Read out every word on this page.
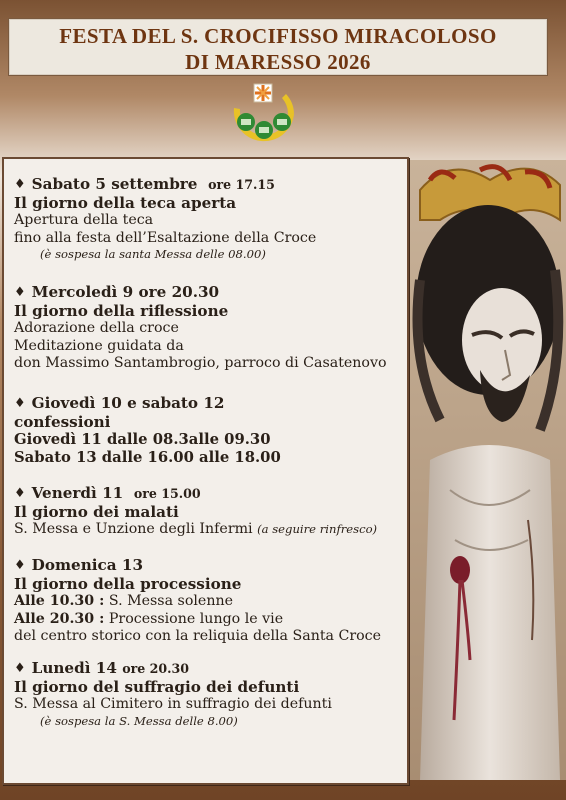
FESTA DEL S. CROCIFISSO MIRACOLOSO
DI MARESSO 2026
♦ Sabato 5 settembre ore 17.15
Il giorno della teca aperta
Apertura della teca
fino alla festa dell’Esaltazione della Croce
(è sospesa la santa Messa delle 08.00)
♦ Mercoledì 9 ore 20.30
Il giorno della riflessione
Adorazione della croce
Meditazione guidata da
don Massimo Santambrogio, parroco di Casatenovo
♦ Giovedì 10 e sabato 12
confessioni
Giovedì 11 dalle 08.3alle 09.30
Sabato 13 dalle 16.00 alle 18.00
♦ Venerdì 11 ore 15.00
Il giorno dei malati
S. Messa e Unzione degli Infermi (a seguire rinfresco)
♦ Domenica 13
Il giorno della processione
Alle 10.30 : S. Messa solenne
Alle 20.30 : Processione lungo le vie
del centro storico con la reliquia della Santa Croce
♦ Lunedì 14 ore 20.30
Il giorno del suffragio dei defunti
S. Messa al Cimitero in suffragio dei defunti
(è sospesa la S. Messa delle 8.00)
